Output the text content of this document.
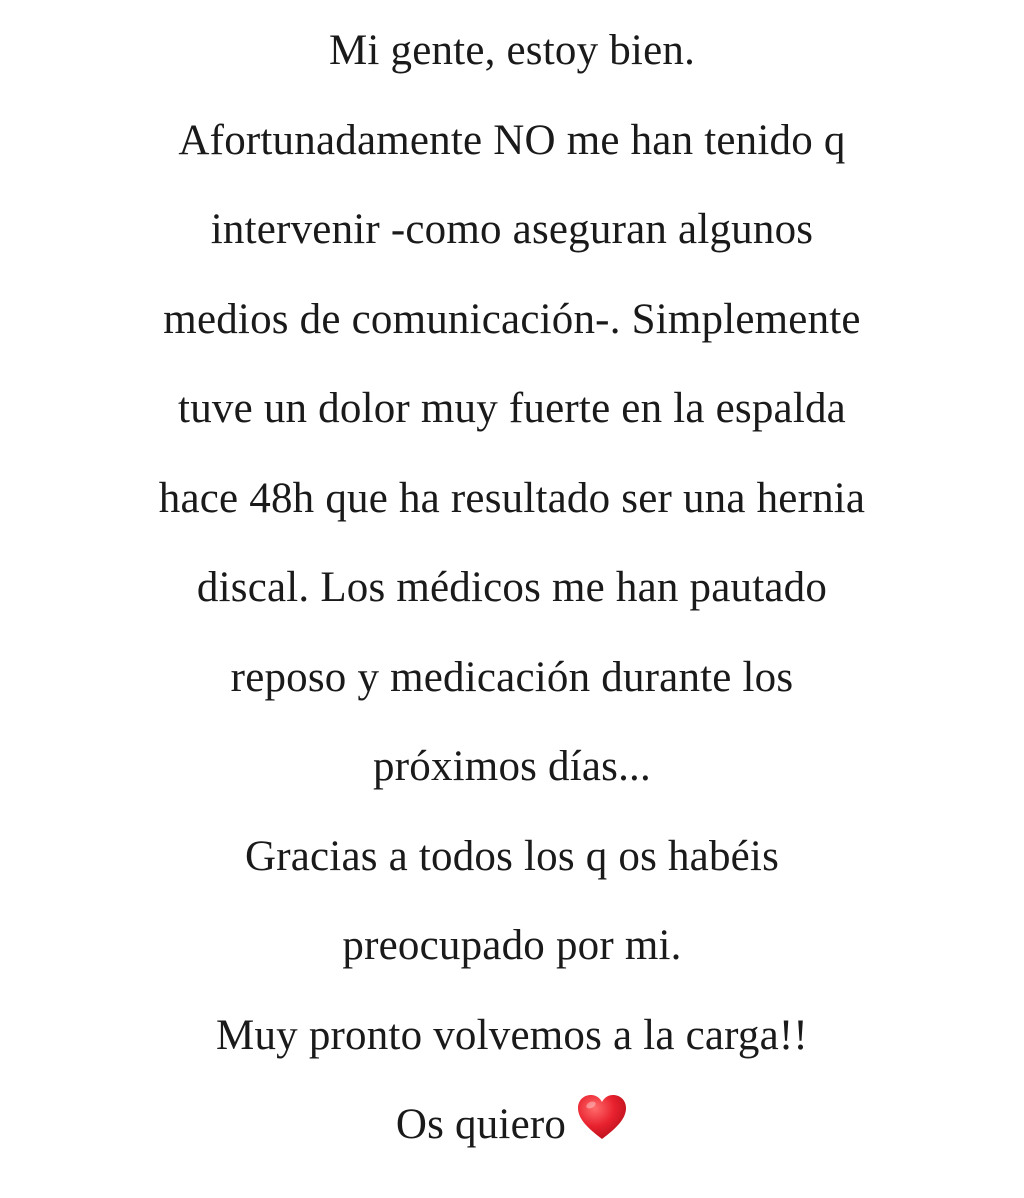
Mi gente, estoy bien.
Afortunadamente NO me han tenido q
intervenir -como aseguran algunos
medios de comunicación-. Simplemente
tuve un dolor muy fuerte en la espalda
hace 48h que ha resultado ser una hernia
discal. Los médicos me han pautado
reposo y medicación durante los
próximos días...
Gracias a todos los q os habéis
preocupado por mi.
Muy pronto volvemos a la carga!!
Os quiero
